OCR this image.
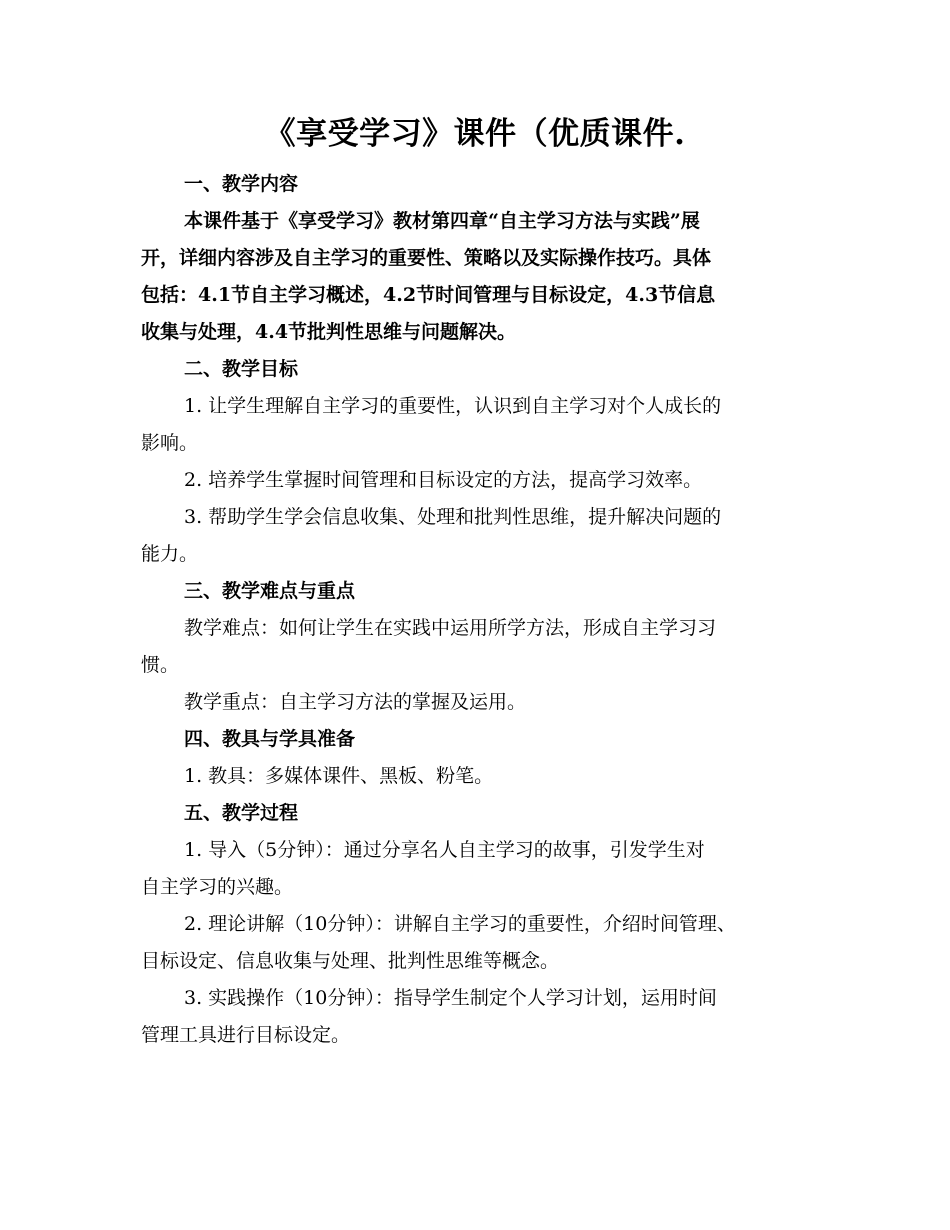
《享受学习》课件（优质课件.
一、教学内容
本课件基于《享受学习》教材第四章“自主学习方法与实践”展
开，详细内容涉及自主学习的重要性、策略以及实际操作技巧。具体
包括：4.1节自主学习概述，4.2节时间管理与目标设定，4.3节信息
收集与处理，4.4节批判性思维与问题解决。
二、教学目标
1. 让学生理解自主学习的重要性，认识到自主学习对个人成长的
影响。
2. 培养学生掌握时间管理和目标设定的方法，提高学习效率。
3. 帮助学生学会信息收集、处理和批判性思维，提升解决问题的
能力。
三、教学难点与重点
教学难点：如何让学生在实践中运用所学方法，形成自主学习习
惯。
教学重点：自主学习方法的掌握及运用。
四、教具与学具准备
1. 教具：多媒体课件、黑板、粉笔。
五、教学过程
1. 导入（5分钟）：通过分享名人自主学习的故事，引发学生对
自主学习的兴趣。
2. 理论讲解（10分钟）：讲解自主学习的重要性，介绍时间管理、
目标设定、信息收集与处理、批判性思维等概念。
3. 实践操作（10分钟）：指导学生制定个人学习计划，运用时间
管理工具进行目标设定。
